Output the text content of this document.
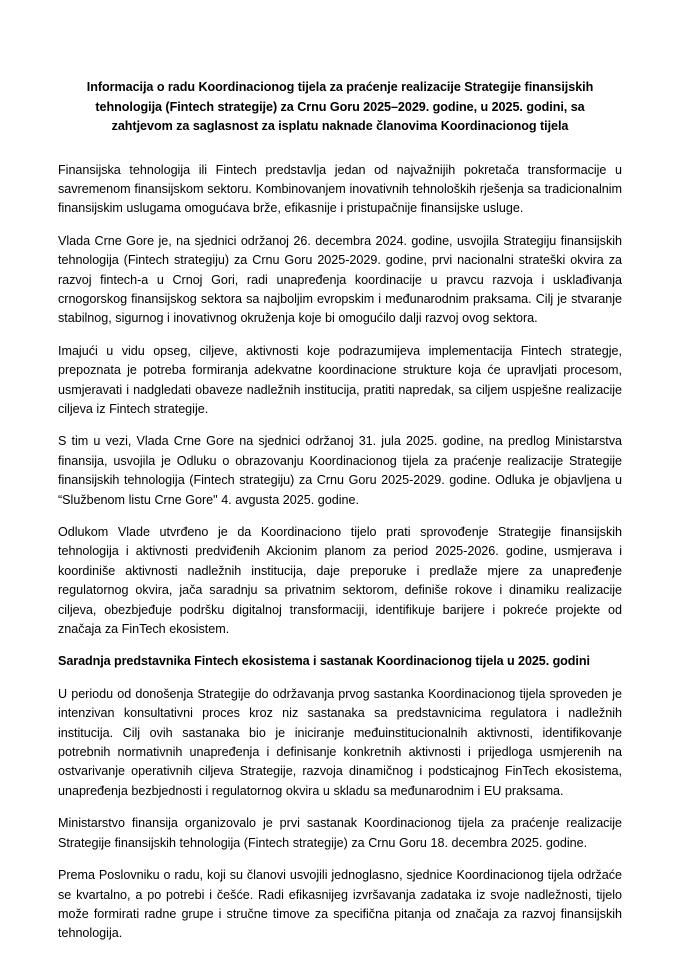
Informacija o radu Koordinacionog tijela za praćenje realizacije Strategije finansijskih tehnologija (Fintech strategije) za Crnu Goru 2025–2029. godine, u 2025. godini, sa zahtjevom za saglasnost za isplatu naknade članovima Koordinacionog tijela

Finansijska tehnologija ili Fintech predstavlja jedan od najvažnijih pokretača transformacije u savremenom finansijskom sektoru. Kombinovanjem inovativnih tehnoloških rješenja sa tradicionalnim finansijskim uslugama omogućava brže, efikasnije i pristupačnije finansijske usluge.

Vlada Crne Gore je, na sjednici održanoj 26. decembra 2024. godine, usvojila Strategiju finansijskih tehnologija (Fintech strategiju) za Crnu Goru 2025-2029. godine, prvi nacionalni strateški okvira za razvoj fintech-a u Crnoj Gori, radi unapređenja koordinacije u pravcu razvoja i usklađivanja crnogorskog finansijskog sektora sa najboljim evropskim i međunarodnim praksama. Cilj je stvaranje stabilnog, sigurnog i inovativnog okruženja koje bi omogućilo dalji razvoj ovog sektora.

Imajući u vidu opseg, ciljeve, aktivnosti koje podrazumijeva implementacija Fintech strategje, prepoznata je potreba formiranja adekvatne koordinacione strukture koja će upravljati procesom, usmjeravati i nadgledati obaveze nadležnih institucija, pratiti napredak, sa ciljem uspješne realizacije ciljeva iz Fintech strategije.

S tim u vezi, Vlada Crne Gore na sjednici održanoj 31. jula 2025. godine, na predlog Ministarstva finansija, usvojila je Odluku o obrazovanju Koordinacionog tijela za praćenje realizacije Strategije finansijskih tehnologija (Fintech strategiju) za Crnu Goru 2025-2029. godine. Odluka je objavljena u “Službenom listu Crne Gore" 4. avgusta 2025. godine.

Odlukom Vlade utvrđeno je da Koordinaciono tijelo prati sprovođenje Strategije finansijskih tehnologija i aktivnosti predviđenih Akcionim planom za period 2025-2026. godine, usmjerava i koordiniše aktivnosti nadležnih institucija, daje preporuke i predlaže mjere za unapređenje regulatornog okvira, jača saradnju sa privatnim sektorom, definiše rokove i dinamiku realizacije ciljeva, obezbjeđuje podršku digitalnoj transformaciji, identifikuje barijere i pokreće projekte od značaja za FinTech ekosistem.

Saradnja predstavnika Fintech ekosistema i sastanak Koordinacionog tijela u 2025. godini

U periodu od donošenja Strategije do održavanja prvog sastanka Koordinacionog tijela sproveden je intenzivan konsultativni proces kroz niz sastanaka sa predstavnicima regulatora i nadležnih institucija. Cilj ovih sastanaka bio je iniciranje međuinstitucionalnih aktivnosti, identifikovanje potrebnih normativnih unapređenja i definisanje konkretnih aktivnosti i prijedloga usmjerenih na ostvarivanje operativnih ciljeva Strategije, razvoja dinamičnog i podsticajnog FinTech ekosistema, unapređenja bezbjednosti i regulatornog okvira u skladu sa međunarodnim i EU praksama.

Ministarstvo finansija organizovalo je prvi sastanak Koordinacionog tijela za praćenje realizacije Strategije finansijskih tehnologija (Fintech strategije) za Crnu Goru 18. decembra 2025. godine.

Prema Poslovniku o radu, koji su članovi usvojili jednoglasno, sjednice Koordinacionog tijela održaće se kvartalno, a po potrebi i češće. Radi efikasnijeg izvršavanja zadataka iz svoje nadležnosti, tijelo može formirati radne grupe i stručne timove za specifična pitanja od značaja za razvoj finansijskih tehnologija.
